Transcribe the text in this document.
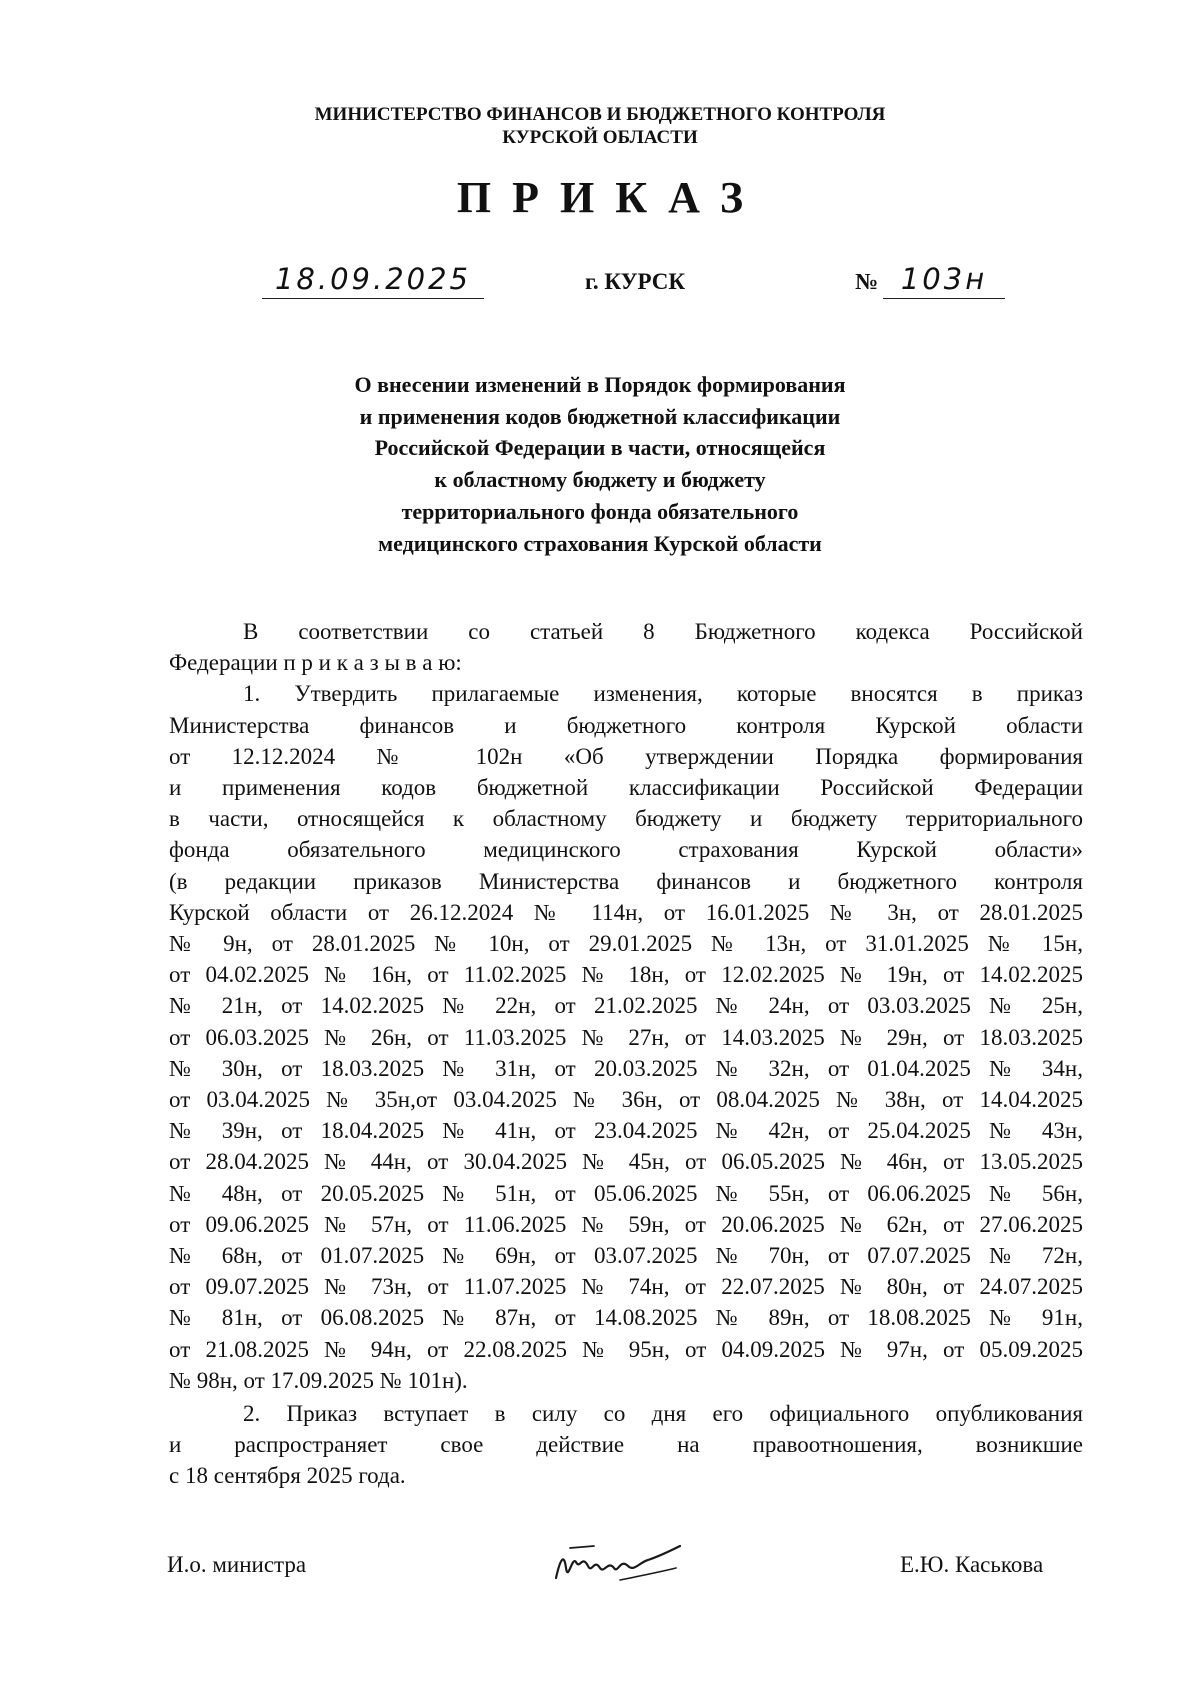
МИНИСТЕРСТВО ФИНАНСОВ И БЮДЖЕТНОГО КОНТРОЛЯ
КУРСКОЙ ОБЛАСТИ
ПРИКАЗ
18.09.2025	г. КУРСК	№ 103н
О внесении изменений в Порядок формирования
и применения кодов бюджетной классификации
Российской Федерации в части, относящейся
к областному бюджету и бюджету
территориального фонда обязательного
медицинского страхования Курской области
В соответствии со статьей 8 Бюджетного кодекса Российской
Федерации п р и к а з ы в а ю:
1. Утвердить прилагаемые изменения, которые вносятся в приказ
Министерства финансов и бюджетного контроля Курской области
от 12.12.2024 № 102н «Об утверждении Порядка формирования
и применения кодов бюджетной классификации Российской Федерации
в части, относящейся к областному бюджету и бюджету территориального
фонда обязательного медицинского страхования Курской области»
(в редакции приказов Министерства финансов и бюджетного контроля
Курской области от 26.12.2024 № 114н, от 16.01.2025 № 3н, от 28.01.2025
№ 9н, от 28.01.2025 № 10н, от 29.01.2025 № 13н, от 31.01.2025 № 15н,
от 04.02.2025 № 16н, от 11.02.2025 № 18н, от 12.02.2025 № 19н, от 14.02.2025
№ 21н, от 14.02.2025 № 22н, от 21.02.2025 № 24н, от 03.03.2025 № 25н,
от 06.03.2025 № 26н, от 11.03.2025 № 27н, от 14.03.2025 № 29н, от 18.03.2025
№ 30н, от 18.03.2025 № 31н, от 20.03.2025 № 32н, от 01.04.2025 № 34н,
от 03.04.2025 № 35н,от 03.04.2025 № 36н, от 08.04.2025 № 38н, от 14.04.2025
№ 39н, от 18.04.2025 № 41н, от 23.04.2025 № 42н, от 25.04.2025 № 43н,
от 28.04.2025 № 44н, от 30.04.2025 № 45н, от 06.05.2025 № 46н, от 13.05.2025
№ 48н, от 20.05.2025 № 51н, от 05.06.2025 № 55н, от 06.06.2025 № 56н,
от 09.06.2025 № 57н, от 11.06.2025 № 59н, от 20.06.2025 № 62н, от 27.06.2025
№ 68н, от 01.07.2025 № 69н, от 03.07.2025 № 70н, от 07.07.2025 № 72н,
от 09.07.2025 № 73н, от 11.07.2025 № 74н, от 22.07.2025 № 80н, от 24.07.2025
№ 81н, от 06.08.2025 № 87н, от 14.08.2025 № 89н, от 18.08.2025 № 91н,
от 21.08.2025 № 94н, от 22.08.2025 № 95н, от 04.09.2025 № 97н, от 05.09.2025
№ 98н, от 17.09.2025 № 101н).
2. Приказ вступает в силу со дня его официального опубликования
и распространяет свое действие на правоотношения, возникшие
с 18 сентября 2025 года.
И.о. министра	Е.Ю. Каськова
